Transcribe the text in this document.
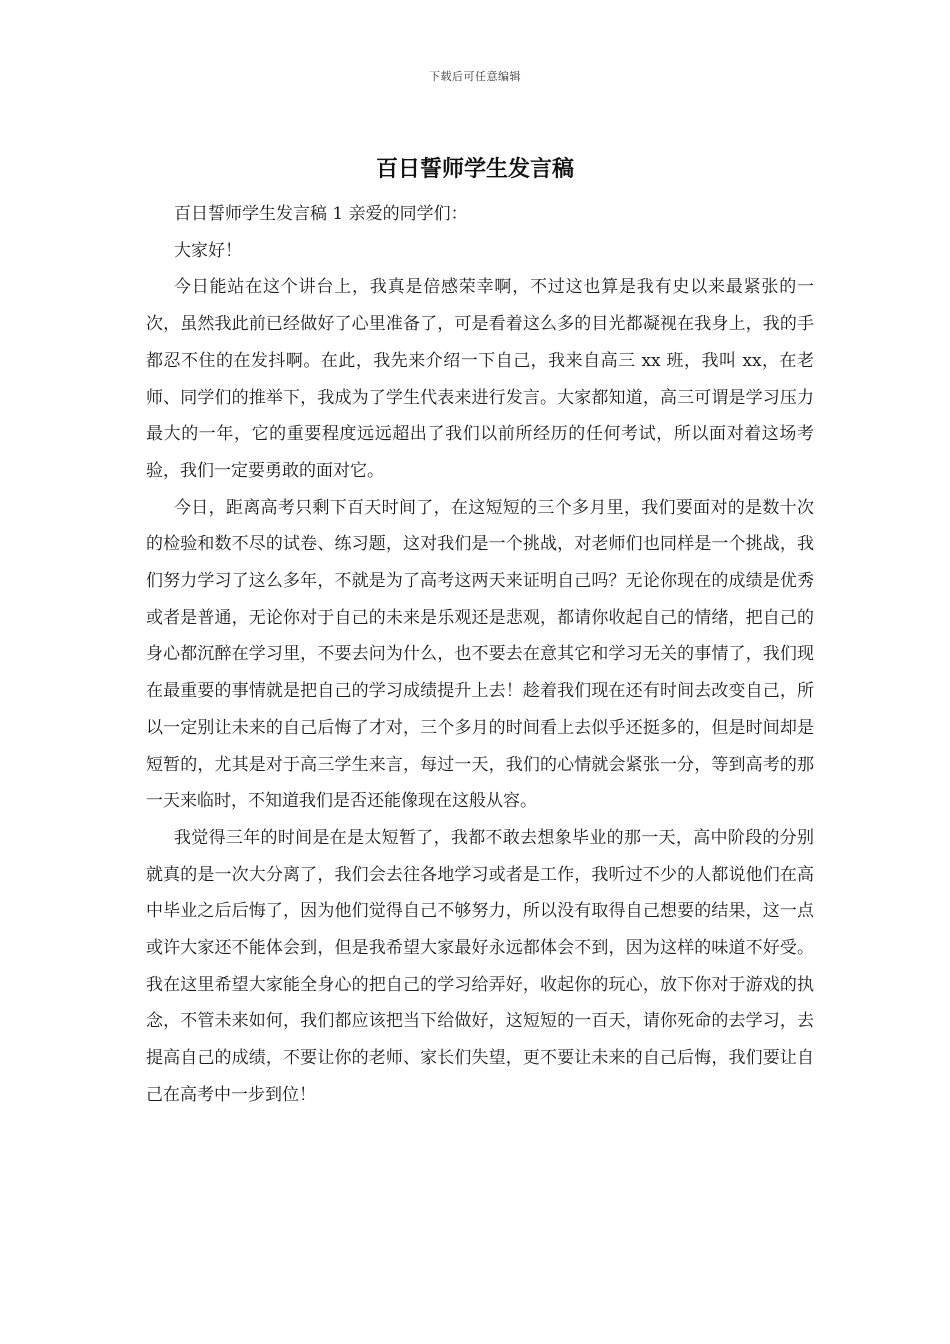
下载后可任意编辑
百日誓师学生发言稿

百日誓师学生发言稿 1 亲爱的同学们：

大家好！

今日能站在这个讲台上，我真是倍感荣幸啊，不过这也算是我有史以来最紧张的一次，虽然我此前已经做好了心里准备了，可是看着这么多的目光都凝视在我身上，我的手都忍不住的在发抖啊。在此，我先来介绍一下自己，我来自高三 xx 班，我叫 xx，在老师、同学们的推举下，我成为了学生代表来进行发言。大家都知道，高三可谓是学习压力最大的一年，它的重要程度远远超出了我们以前所经历的任何考试，所以面对着这场考验，我们一定要勇敢的面对它。

今日，距离高考只剩下百天时间了，在这短短的三个多月里，我们要面对的是数十次的检验和数不尽的试卷、练习题，这对我们是一个挑战，对老师们也同样是一个挑战，我们努力学习了这么多年，不就是为了高考这两天来证明自己吗？无论你现在的成绩是优秀或者是普通，无论你对于自己的未来是乐观还是悲观，都请你收起自己的情绪，把自己的身心都沉醉在学习里，不要去问为什么，也不要去在意其它和学习无关的事情了，我们现在最重要的事情就是把自己的学习成绩提升上去！趁着我们现在还有时间去改变自己，所以一定别让未来的自己后悔了才对，三个多月的时间看上去似乎还挺多的，但是时间却是短暂的，尤其是对于高三学生来言，每过一天，我们的心情就会紧张一分，等到高考的那一天来临时，不知道我们是否还能像现在这般从容。

我觉得三年的时间是在是太短暂了，我都不敢去想象毕业的那一天，高中阶段的分别就真的是一次大分离了，我们会去往各地学习或者是工作，我听过不少的人都说他们在高中毕业之后后悔了，因为他们觉得自己不够努力，所以没有取得自己想要的结果，这一点或许大家还不能体会到，但是我希望大家最好永远都体会不到，因为这样的味道不好受。我在这里希望大家能全身心的把自己的学习给弄好，收起你的玩心，放下你对于游戏的执念，不管未来如何，我们都应该把当下给做好，这短短的一百天，请你死命的去学习，去提高自己的成绩，不要让你的老师、家长们失望，更不要让未来的自己后悔，我们要让自己在高考中一步到位！
